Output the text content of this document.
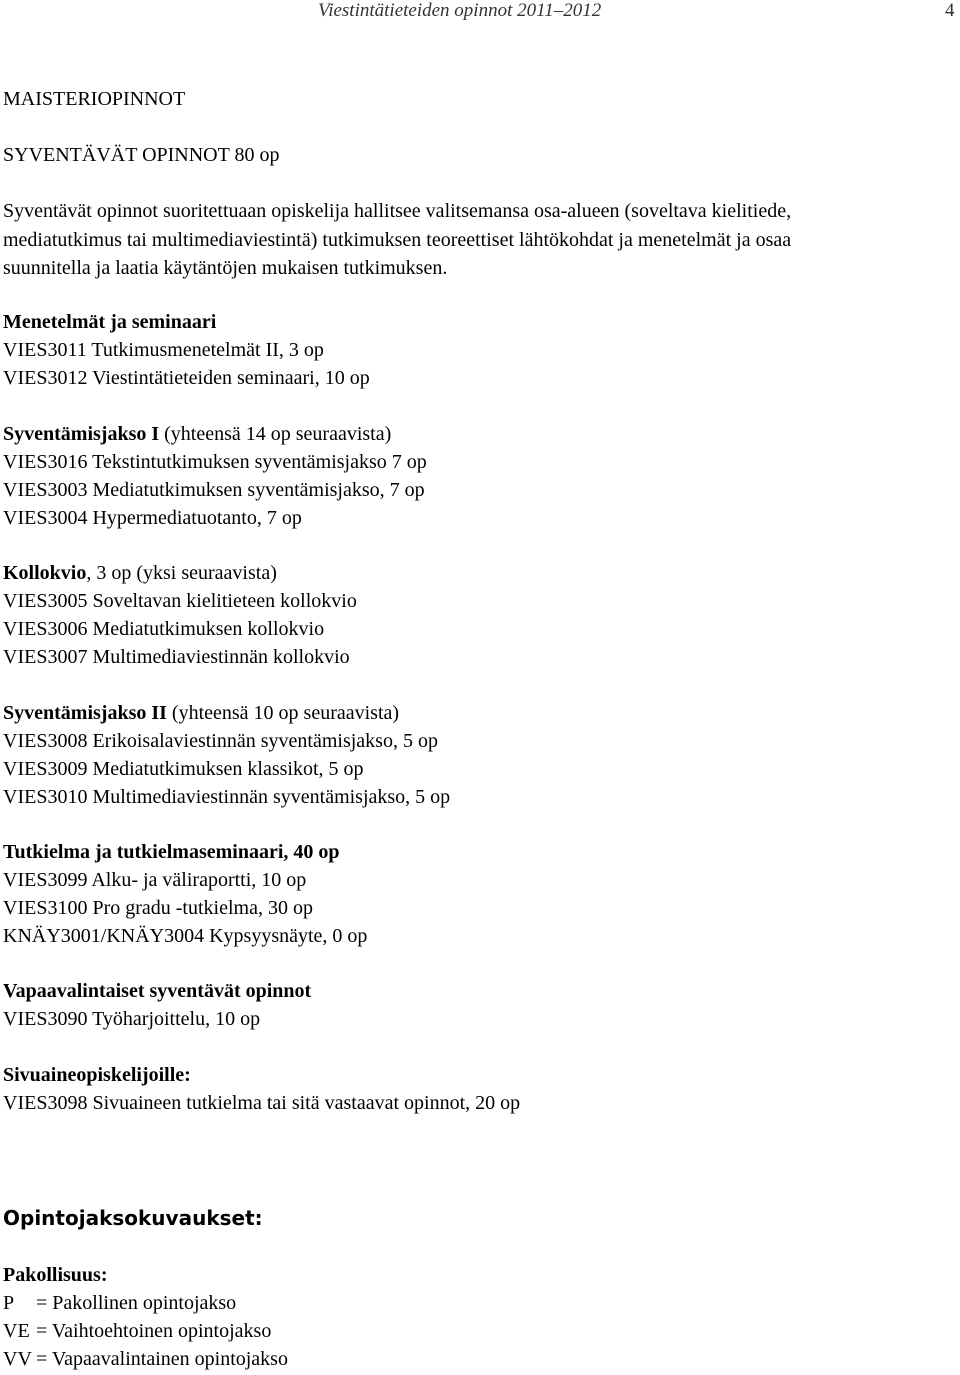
Viestintätieteiden opinnot 2011–2012	4
MAISTERIOPINNOT
SYVENTÄVÄT OPINNOT 80 op

Syventävät opinnot suoritettuaan opiskelija hallitsee valitsemansa osa-alueen (soveltava kielitiede,

mediatutkimus tai multimediaviestintä) tutkimuksen teoreettiset lähtökohdat ja menetelmät ja osaa

suunnitella ja laatia käytäntöjen mukaisen tutkimuksen.

Menetelmät ja seminaari
VIES3011 Tutkimusmenetelmät II, 3 op
VIES3012 Viestintätieteiden seminaari, 10 op
Syventämisjakso I (yhteensä 14 op seuraavista)
VIES3016 Tekstintutkimuksen syventämisjakso 7 op
VIES3003 Mediatutkimuksen syventämisjakso, 7 op
VIES3004 Hypermediatuotanto, 7 op
Kollokvio, 3 op (yksi seuraavista)
VIES3005 Soveltavan kielitieteen kollokvio
VIES3006 Mediatutkimuksen kollokvio
VIES3007 Multimediaviestinnän kollokvio
Syventämisjakso II (yhteensä 10 op seuraavista)
VIES3008 Erikoisalaviestinnän syventämisjakso, 5 op
VIES3009 Mediatutkimuksen klassikot, 5 op
VIES3010 Multimediaviestinnän syventämisjakso, 5 op
Tutkielma ja tutkielmaseminaari, 40 op
VIES3099 Alku- ja väliraportti, 10 op
VIES3100 Pro gradu -tutkielma, 30 op
KNÄY3001/KNÄY3004 Kypsyysnäyte, 0 op
Vapaavalintaiset syventävät opinnot
VIES3090 Työharjoittelu, 10 op
Sivuaineopiskelijoille:
VIES3098 Sivuaineen tutkielma tai sitä vastaavat opinnot, 20 op
Opintojaksokuvaukset:
Pakollisuus:
P = Pakollinen opintojakso
VE = Vaihtoehtoinen opintojakso
VV = Vapaavalintainen opintojakso
